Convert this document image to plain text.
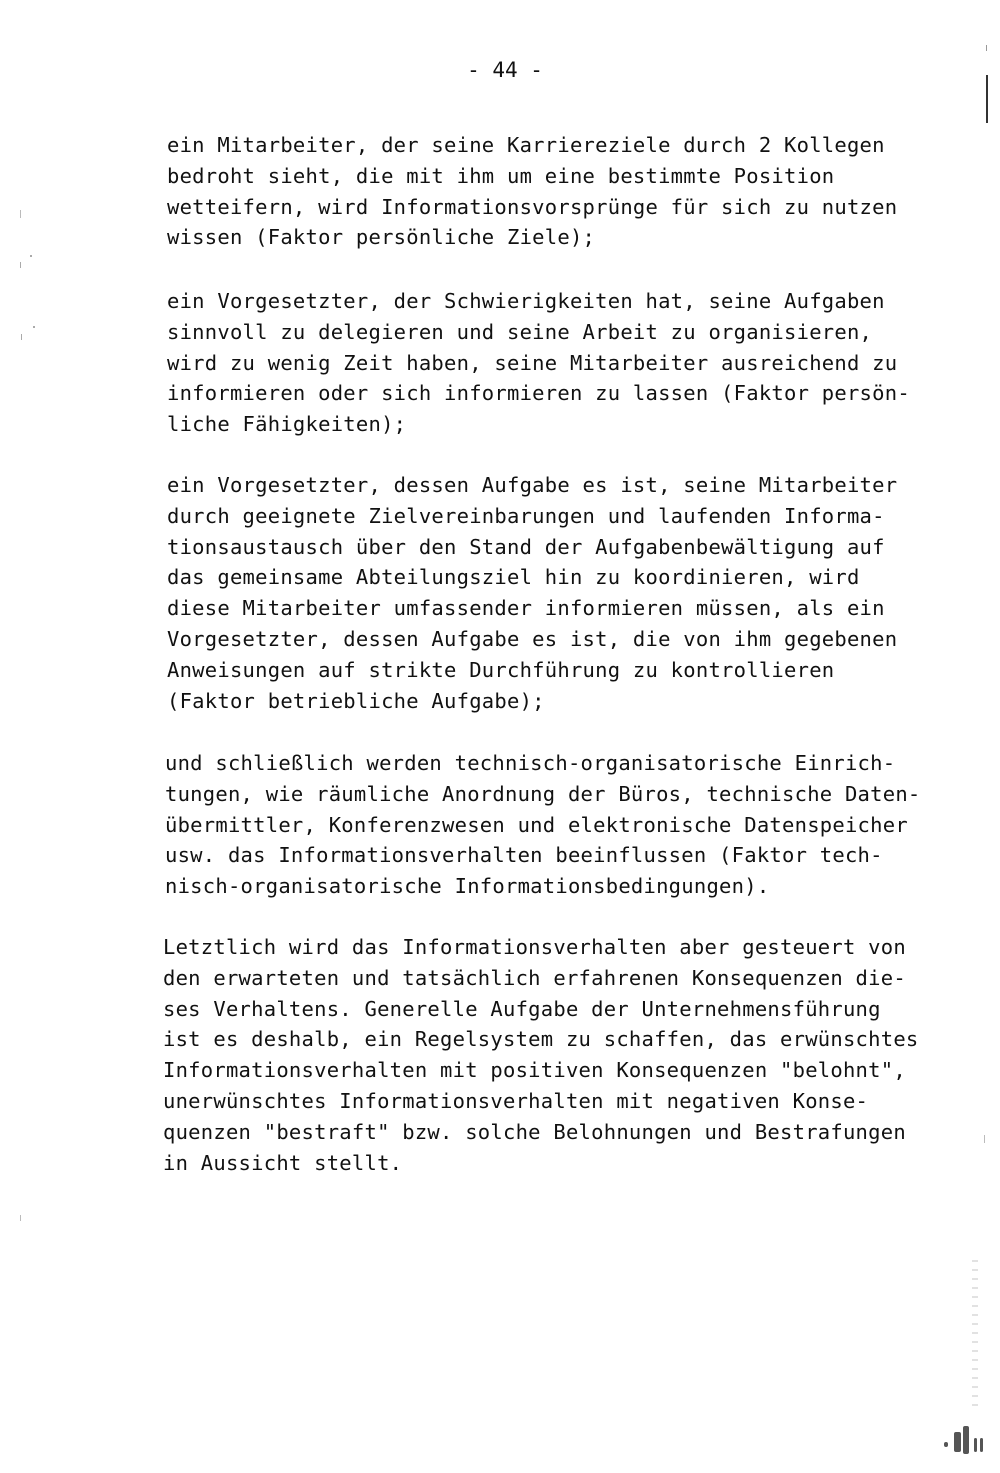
- 44 -
ein Mitarbeiter, der seine Karriereziele durch 2 Kollegen
bedroht sieht, die mit ihm um eine bestimmte Position
wetteifern, wird Informationsvorsprünge für sich zu nutzen
wissen (Faktor persönliche Ziele);
ein Vorgesetzter, der Schwierigkeiten hat, seine Aufgaben
sinnvoll zu delegieren und seine Arbeit zu organisieren,
wird zu wenig Zeit haben, seine Mitarbeiter ausreichend zu
informieren oder sich informieren zu lassen (Faktor persön-
liche Fähigkeiten);
ein Vorgesetzter, dessen Aufgabe es ist, seine Mitarbeiter
durch geeignete Zielvereinbarungen und laufenden Informa-
tionsaustausch über den Stand der Aufgabenbewältigung auf
das gemeinsame Abteilungsziel hin zu koordinieren, wird
diese Mitarbeiter umfassender informieren müssen, als ein
Vorgesetzter, dessen Aufgabe es ist, die von ihm gegebenen
Anweisungen auf strikte Durchführung zu kontrollieren
(Faktor betriebliche Aufgabe);
und schließlich werden technisch-organisatorische Einrich-
tungen, wie räumliche Anordnung der Büros, technische Daten-
übermittler, Konferenzwesen und elektronische Datenspeicher
usw. das Informationsverhalten beeinflussen (Faktor tech-
nisch-organisatorische Informationsbedingungen).
Letztlich wird das Informationsverhalten aber gesteuert von
den erwarteten und tatsächlich erfahrenen Konsequenzen die-
ses Verhaltens. Generelle Aufgabe der Unternehmensführung
ist es deshalb, ein Regelsystem zu schaffen, das erwünschtes
Informationsverhalten mit positiven Konsequenzen "belohnt",
unerwünschtes Informationsverhalten mit negativen Konse-
quenzen "bestraft" bzw. solche Belohnungen und Bestrafungen
in Aussicht stellt.
